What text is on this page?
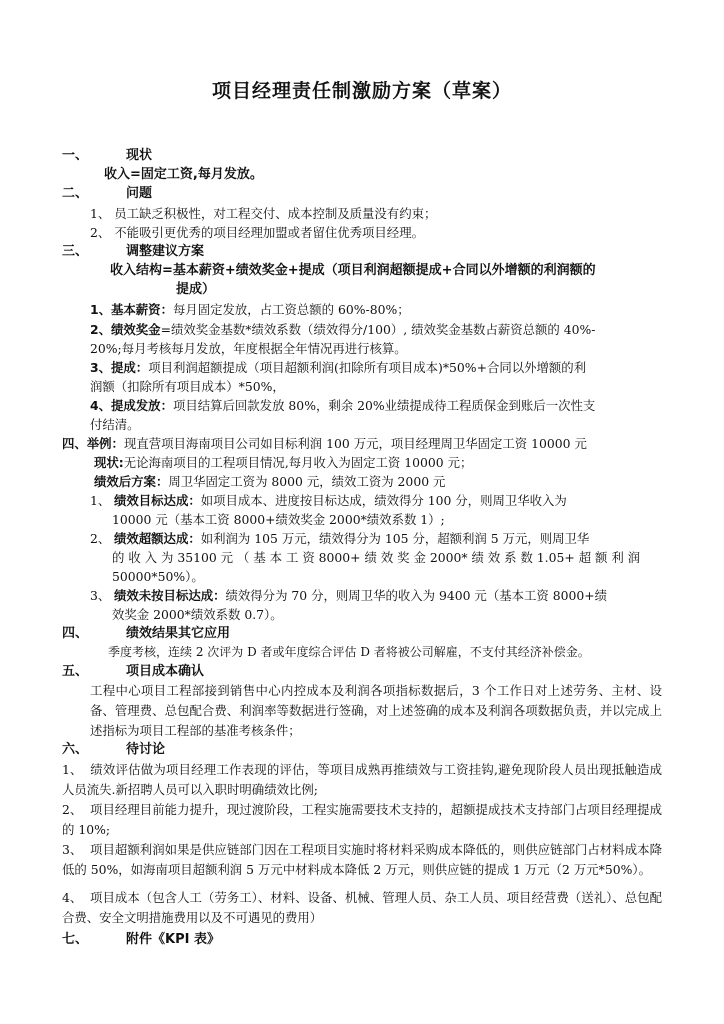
项目经理责任制激励方案（草案）
一、	现状
收入=固定工资,每月发放。
二、	问题
1、 员工缺乏积极性，对工程交付、成本控制及质量没有约束；
2、 不能吸引更优秀的项目经理加盟或者留住优秀项目经理。
三、	调整建议方案
收入结构=基本薪资+绩效奖金+提成（项目利润超额提成+合同以外增额的利润额的
提成）
1、基本薪资：每月固定发放，占工资总额的 60%-80%；
2、绩效奖金=绩效奖金基数*绩效系数（绩效得分/100）, 绩效奖金基数占薪资总额的 40%-
20%;每月考核每月发放，年度根据全年情况再进行核算。
3、提成：项目利润超额提成（项目超额利润(扣除所有项目成本)*50%+合同以外增额的利
润额（扣除所有项目成本）*50%，
4、提成发放：项目结算后回款发放 80%，剩余 20%业绩提成待工程质保金到账后一次性支
付结清。
四、举例：现直营项目海南项目公司如目标利润 100 万元，项目经理周卫华固定工资 10000 元
现状:无论海南项目的工程项目情况,每月收入为固定工资 10000 元；
绩效后方案：周卫华固定工资为 8000 元，绩效工资为 2000 元
1、 绩效目标达成：如项目成本、进度按目标达成，绩效得分 100 分，则周卫华收入为
10000 元（基本工资 8000+绩效奖金 2000*绩效系数 1）;
2、 绩效超额达成：如利润为 105 万元，绩效得分为 105 分，超额利润 5 万元，则周卫华
的 收 入 为 35100 元 （ 基 本 工 资 8000+ 绩 效 奖 金 2000* 绩 效 系 数 1.05+ 超 额 利 润
50000*50%）。
3、 绩效未按目标达成：绩效得分为 70 分，则周卫华的收入为 9400 元（基本工资 8000+绩
效奖金 2000*绩效系数 0.7）。
四、	绩效结果其它应用
季度考核，连续 2 次评为 D 者或年度综合评估 D 者将被公司解雇，不支付其经济补偿金。
五、	项目成本确认
工程中心项目工程部接到销售中心内控成本及利润各项指标数据后，3 个工作日对上述劳务、主材、设备、管理费、总包配合费、利润率等数据进行签确，对上述签确的成本及利润各项数据负责，并以完成上述指标为项目工程部的基准考核条件；
六、	待讨论
1、 绩效评估做为项目经理工作表现的评估，等项目成熟再推绩效与工资挂钩,避免现阶段人员出现抵触造成人员流失.新招聘人员可以入职时明确绩效比例;
2、 项目经理目前能力提升，现过渡阶段，工程实施需要技术支持的，超额提成技术支持部门占项目经理提成的 10%;
3、 项目超额利润如果是供应链部门因在工程项目实施时将材料采购成本降低的，则供应链部门占材料成本降低的 50%，如海南项目超额利润 5 万元中材料成本降低 2 万元，则供应链的提成 1 万元（2 万元*50%）。
4、 项目成本（包含人工（劳务工）、材料、设备、机械、管理人员、杂工人员、项目经营费（送礼）、总包配合费、安全文明措施费用以及不可遇见的费用）
七、	附件《KPI 表》
